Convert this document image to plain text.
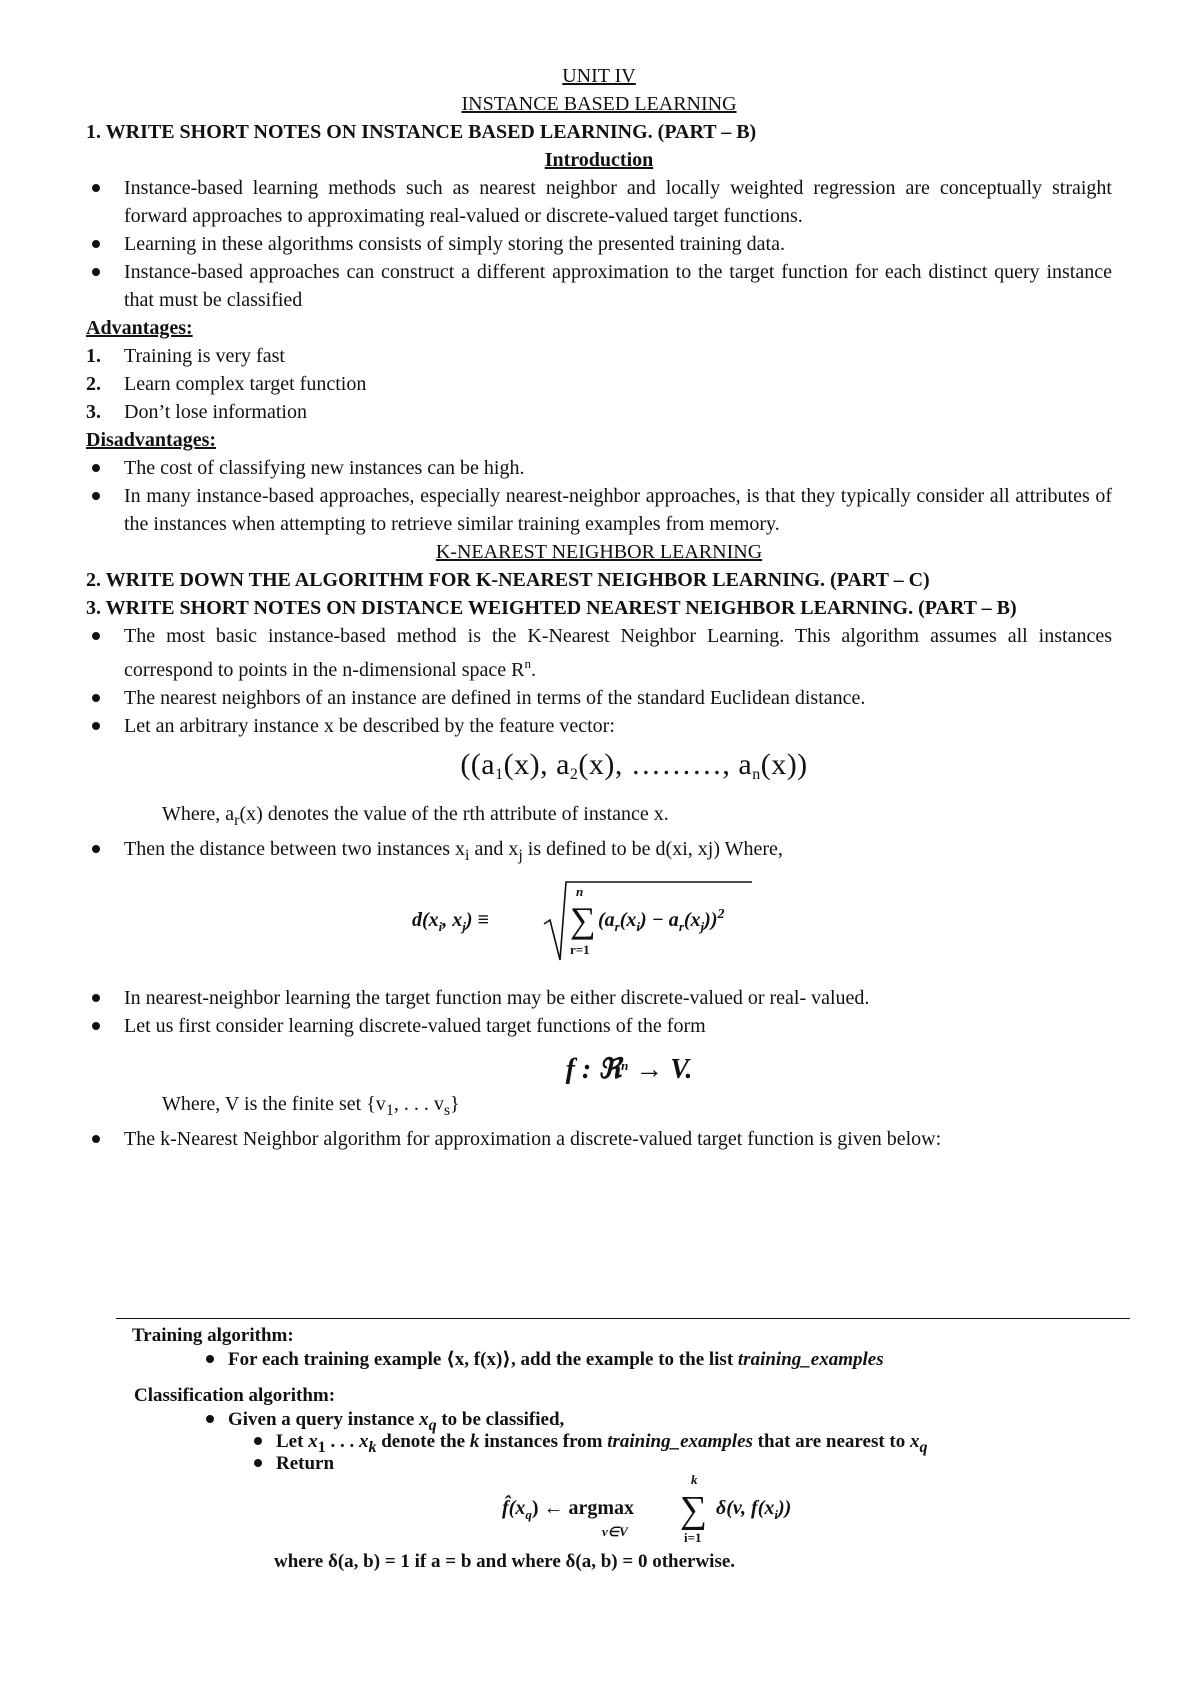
UNIT IV
INSTANCE BASED LEARNING
1. WRITE SHORT NOTES ON INSTANCE BASED LEARNING. (PART – B)
Introduction
Instance-based learning methods such as nearest neighbor and locally weighted regression are conceptually straight forward approaches to approximating real-valued or discrete-valued target functions.
Learning in these algorithms consists of simply storing the presented training data.
Instance-based approaches can construct a different approximation to the target function for each distinct query instance that must be classified
Advantages:
1.	Training is very fast
2.	Learn complex target function
3.	Don’t lose information
Disadvantages:
The cost of classifying new instances can be high.
In many instance-based approaches, especially nearest-neighbor approaches, is that they typically consider all attributes of the instances when attempting to retrieve similar training examples from memory.
K-NEAREST NEIGHBOR LEARNING
2. WRITE DOWN THE ALGORITHM FOR K-NEAREST NEIGHBOR LEARNING. (PART – C)
3. WRITE SHORT NOTES ON DISTANCE WEIGHTED NEAREST NEIGHBOR LEARNING. (PART – B)
The most basic instance-based method is the K-Nearest Neighbor Learning. This algorithm assumes all instances correspond to points in the n-dimensional space $R^n$.
The nearest neighbors of an instance are defined in terms of the standard Euclidean distance.
Let an arbitrary instance x be described by the feature vector:
(($a_1(x)$, $a_2(x)$, ………, $a_n(x)$)
Where, $a_r(x)$ denotes the value of the rth attribute of instance x.
Then the distance between two instances $x_i$ and $x_j$ is defined to be d(xi, xj) Where,
$d(x_i$, $x_j$) ≡
n
∑
r=1
$(a_r(x_i) - a_r(x_j))^2$
In nearest-neighbor learning the target function may be either discrete-valued or real- valued.
Let us first consider learning discrete-valued target functions of the form
f : ℜ$^n$ → V.
Where, V is the finite set {$v_1$, . . . $v_s$}
The k-Nearest Neighbor algorithm for approximation a discrete-valued target function is given below:
Training algorithm:
For each training example ⟨x, f(x)⟩, add the example to the list training_examples
Classification algorithm:
Given a query instance $x_q$ to be classified,
Let $x_1$ . . . $x_k$ denote the k instances from training_examples that are nearest to $x_q$
Return
$f̂(x_q)$ ← argmax
v∈V
k
∑
i=1
δ(v, $f(x_i)$)
where δ(a, b) = 1 if a = b and where δ(a, b) = 0 otherwise.
